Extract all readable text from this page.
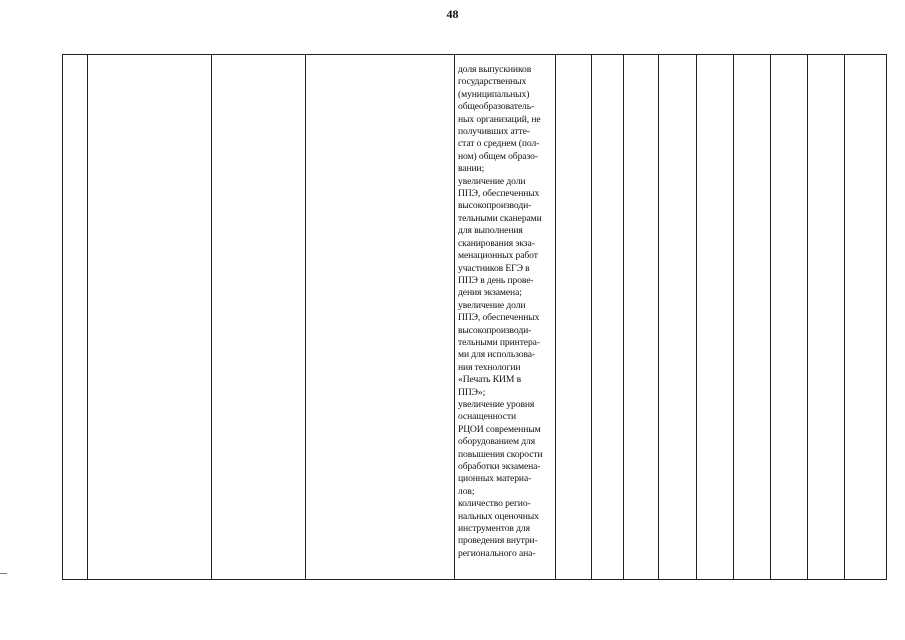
48

доля выпускников
государственных
(муниципальных)
общеобразователь-
ных организаций, не
получивших атте-
стат о среднем (пол-
ном) общем образо-
вании;
увеличение доли
ППЭ, обеспеченных
высокопроизводи-
тельными сканерами
для выполнения
сканирования экза-
менационных работ
участников ЕГЭ в
ППЭ в день прове-
дения экзамена;
увеличение доли
ППЭ, обеспеченных
высокопроизводи-
тельными принтера-
ми для использова-
ния технологии
«Печать КИМ в
ППЭ»;
увеличение уровня
оснащенности
РЦОИ современным
оборудованием для
повышения скорости
обработки экзамена-
ционных материа-
лов;
количество регио-
нальных оценочных
инструментов для
проведения внутри-
регионального ана-
